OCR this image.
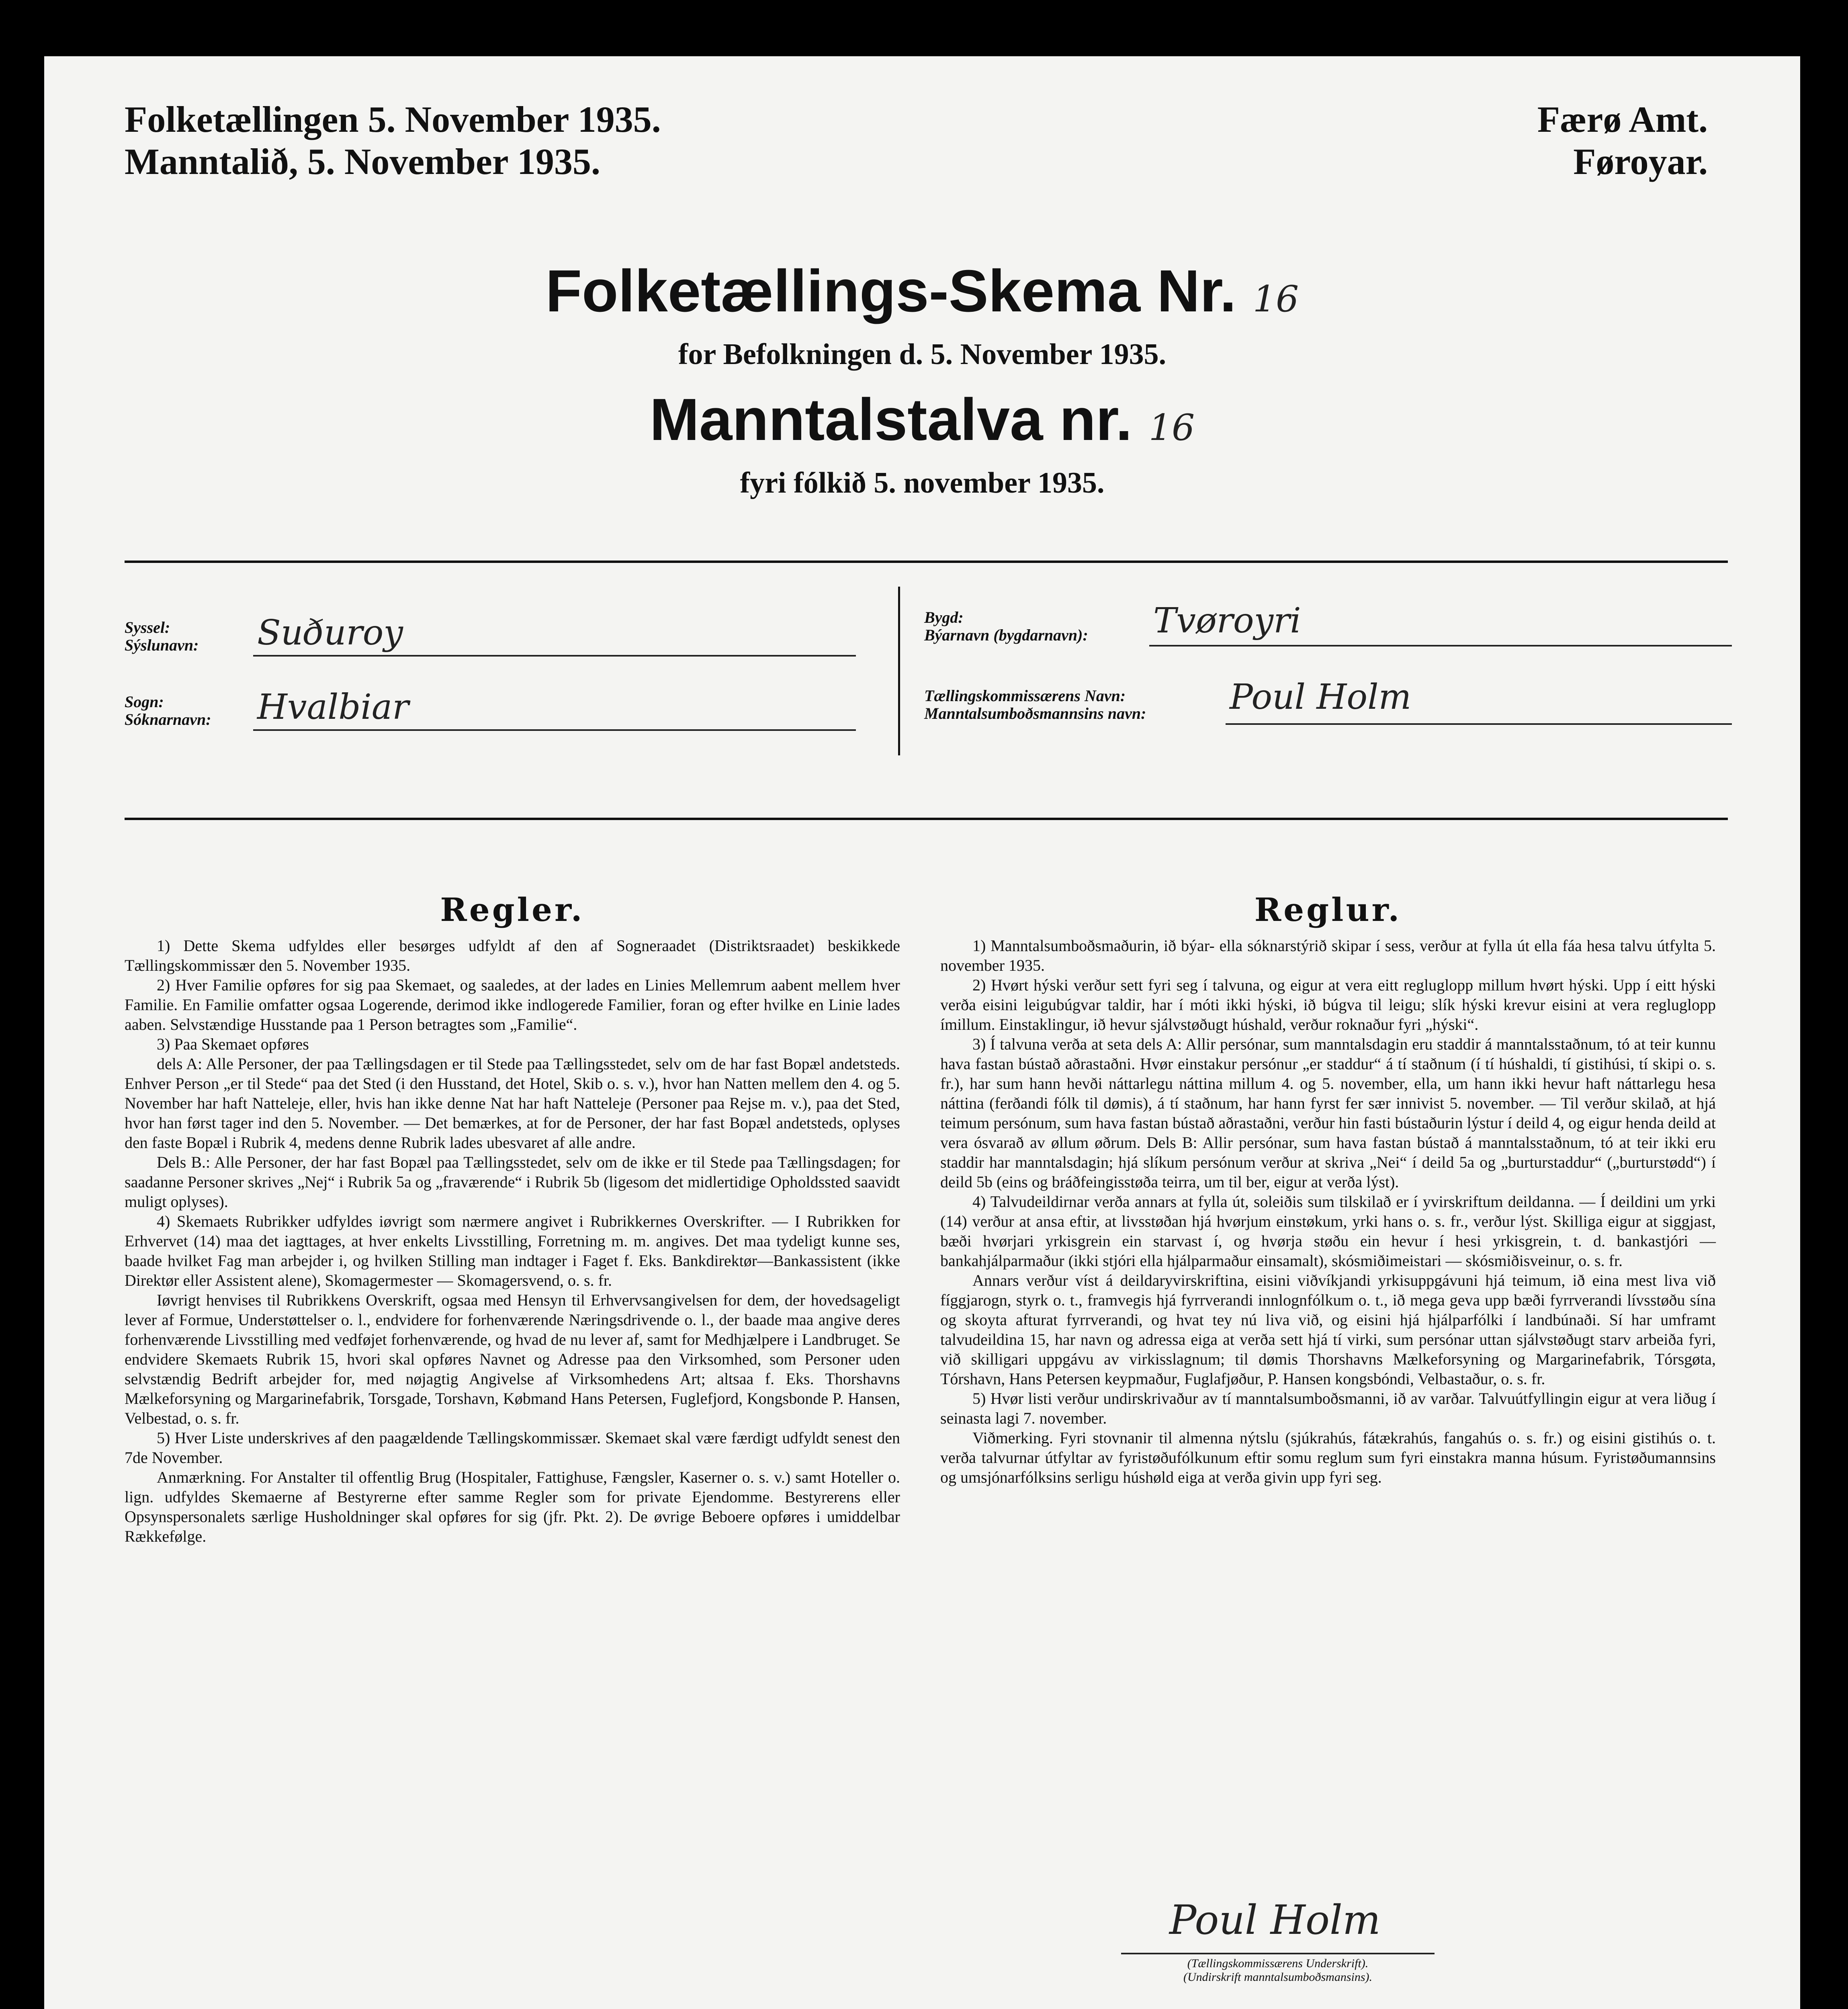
Folketællingen 5. November 1935.
Manntalið, 5. November 1935.
Færø Amt.
Føroyar.
Folketællings-Skema Nr. 16
for Befolkningen d. 5. November 1935.
Manntalstalva nr. 16
fyri fólkið 5. november 1935.
Syssel:
Sýslunavn: Suðuroy
Sogn:
Sóknarnavn: Hvalbiar
Bygd:
Býarnavn (bygdarnavn): Tvøroyri
Tællingskommissærens Navn:
Manntalsumboðsmannsins navn: Poul Holm
Regler.

1) Dette Skema udfyldes eller besørges udfyldt af den af Sogneraadet (Distriktsraadet) beskikkede Tællingskommissær den 5. November 1935.

2) Hver Familie opføres for sig paa Skemaet, og saaledes, at der lades en Linies Mellemrum aabent mellem hver Familie. En Familie omfatter ogsaa Logerende, derimod ikke indlogerede Familier, foran og efter hvilke en Linie lades aaben. Selvstændige Husstande paa 1 Person betragtes som „Familie“.

3) Paa Skemaet opføres

dels A: Alle Personer, der paa Tællingsdagen er til Stede paa Tællingsstedet, selv om de har fast Bopæl andetsteds. Enhver Person „er til Stede“ paa det Sted (i den Husstand, det Hotel, Skib o. s. v.), hvor han Natten mellem den 4. og 5. November har haft Natteleje, eller, hvis han ikke denne Nat har haft Natteleje (Personer paa Rejse m. v.), paa det Sted, hvor han først tager ind den 5. November. — Det bemærkes, at for de Personer, der har fast Bopæl andetsteds, oplyses den faste Bopæl i Rubrik 4, medens denne Rubrik lades ubesvaret af alle andre.

Dels B.: Alle Personer, der har fast Bopæl paa Tællingsstedet, selv om de ikke er til Stede paa Tællingsdagen; for saadanne Personer skrives „Nej“ i Rubrik 5a og „fraværende“ i Rubrik 5b (ligesom det midlertidige Opholdssted saavidt muligt oplyses).

4) Skemaets Rubrikker udfyldes iøvrigt som nærmere angivet i Rubrikkernes Overskrifter. — I Rubrikken for Erhvervet (14) maa det iagttages, at hver enkelts Livsstilling, Forretning m. m. angives. Det maa tydeligt kunne ses, baade hvilket Fag man arbejder i, og hvilken Stilling man indtager i Faget f. Eks. Bankdirektør—Bankassistent (ikke Direktør eller Assistent alene), Skomagermester — Skomagersvend, o. s. fr.

Iøvrigt henvises til Rubrikkens Overskrift, ogsaa med Hensyn til Erhvervsangivelsen for dem, der hovedsageligt lever af Formue, Understøttelser o. l., endvidere for forhenværende Næringsdrivende o. l., der baade maa angive deres forhenværende Livsstilling med vedføjet forhenværende, og hvad de nu lever af, samt for Medhjælpere i Landbruget. Se endvidere Skemaets Rubrik 15, hvori skal opføres Navnet og Adresse paa den Virksomhed, som Personer uden selvstændig Bedrift arbejder for, med nøjagtig Angivelse af Virksomhedens Art; altsaa f. Eks. Thorshavns Mælkeforsyning og Margarinefabrik, Torsgade, Torshavn, Købmand Hans Petersen, Fuglefjord, Kongsbonde P. Hansen, Velbestad, o. s. fr.

5) Hver Liste underskrives af den paagældende Tællingskommissær. Skemaet skal være færdigt udfyldt senest den 7de November.

Anmærkning. For Anstalter til offentlig Brug (Hospitaler, Fattighuse, Fængsler, Kaserner o. s. v.) samt Hoteller o. lign. udfyldes Skemaerne af Bestyrerne efter samme Regler som for private Ejendomme. Bestyrerens eller Opsynspersonalets særlige Husholdninger skal opføres for sig (jfr. Pkt. 2). De øvrige Beboere opføres i umiddelbar Rækkefølge.

Reglur.

1) Manntalsumboðsmaðurin, ið býar- ella sóknarstýrið skipar í sess, verður at fylla út ella fáa hesa talvu útfylta 5. november 1935.

2) Hvørt hýski verður sett fyri seg í talvuna, og eigur at vera eitt regluglopp millum hvørt hýski. Upp í eitt hýski verða eisini leigubúgvar taldir, har í móti ikki hýski, ið búgva til leigu; slík hýski krevur eisini at vera regluglopp ímillum. Einstaklingur, ið hevur sjálvstøðugt húshald, verður roknaður fyri „hýski“.

3) Í talvuna verða at seta dels A: Allir persónar, sum manntalsdagin eru staddir á manntalsstaðnum, tó at teir kunnu hava fastan bústað aðrastaðni. Hvør einstakur persónur „er staddur“ á tí staðnum (í tí húshaldi, tí gistihúsi, tí skipi o. s. fr.), har sum hann hevði náttarlegu náttina millum 4. og 5. november, ella, um hann ikki hevur haft náttarlegu hesa náttina (ferðandi fólk til dømis), á tí staðnum, har hann fyrst fer sær innivist 5. november. — Til verður skilað, at hjá teimum persónum, sum hava fastan bústað aðrastaðni, verður hin fasti bústaðurin lýstur í deild 4, og eigur henda deild at vera ósvarað av øllum øðrum. Dels B: Allir persónar, sum hava fastan bústað á manntalsstaðnum, tó at teir ikki eru staddir har manntalsdagin; hjá slíkum persónum verður at skriva „Nei“ í deild 5a og „burturstaddur“ („burturstødd“) í deild 5b (eins og bráðfeingisstøða teirra, um til ber, eigur at verða lýst).

4) Talvudeildirnar verða annars at fylla út, soleiðis sum tilskilað er í yvirskriftum deildanna. — Í deildini um yrki (14) verður at ansa eftir, at livsstøðan hjá hvørjum einstøkum, yrki hans o. s. fr., verður lýst. Skilliga eigur at siggjast, bæði hvørjari yrkisgrein ein starvast í, og hvørja støðu ein hevur í hesi yrkisgrein, t. d. bankastjóri — bankahjálparmaður (ikki stjóri ella hjálparmaður einsamalt), skósmiðimeistari — skósmiðisveinur, o. s. fr.

Annars verður víst á deildaryvirskriftina, eisini viðvíkjandi yrkisuppgávuni hjá teimum, ið eina mest liva við fíggjarogn, styrk o. t., framvegis hjá fyrrverandi innlognfólkum o. t., ið mega geva upp bæði fyrrverandi lívsstøðu sína og skoyta afturat fyrrverandi, og hvat tey nú liva við, og eisini hjá hjálparfólki í landbúnaði. Sí har umframt talvudeildina 15, har navn og adressa eiga at verða sett hjá tí virki, sum persónar uttan sjálvstøðugt starv arbeiða fyri, við skilligari uppgávu av virkisslagnum; til dømis Thorshavns Mælkeforsyning og Margarinefabrik, Tórsgøta, Tórshavn, Hans Petersen keypmaður, Fuglafjøður, P. Hansen kongsbóndi, Velbastaður, o. s. fr.

5) Hvør listi verður undirskrivaður av tí manntalsumboðsmanni, ið av varðar. Talvuútfyllingin eigur at vera liðug í seinasta lagi 7. november.

Viðmerking. Fyri stovnanir til almenna nýtslu (sjúkrahús, fátækrahús, fangahús o. s. fr.) og eisini gistihús o. t. verða talvurnar útfyltar av fyristøðufólkunum eftir somu reglum sum fyri einstakra manna húsum. Fyristøðumannsins og umsjónarfólksins serligu húshøld eiga at verða givin upp fyri seg.

Poul Holm
(Tællingskommissærens Underskrift).
(Undirskrift manntalsumboðsmansins).
